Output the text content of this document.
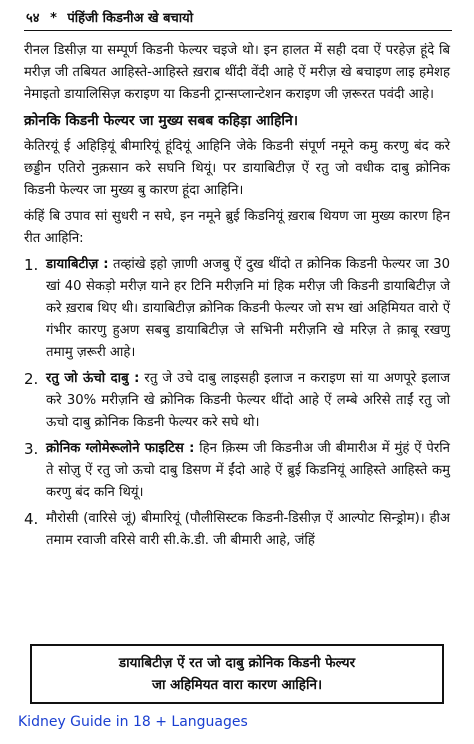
५४ * पंहिंजी किडनीअ खे बचायो

रीनल डिसीज़ या सम्पूर्ण किडनी फेल्यर चइजे थो। इन हालत में सही दवा ऐं परहेज़ हूंदे बि मरीज़ जी तबियत आहिस्ते-आहिस्ते ख़राब थींदी वेंदी आहे ऐं मरीज़ खे बचाइण लाइ हमेशह नेमाइतो डायालिसिज़ कराइण या किडनी ट्रान्सप्लान्टेशन कराइण जी ज़रूरत पवंदी आहे।

क्रोनकि किडनी फेल्यर जा मुख्य सबब कहिड़ा आहिनि।

केतिरयूं ई अहिड़ियूं बीमारियूं हूंदियूं आहिनि जेके किडनी संपूर्ण नमूने कमु करणु बंद करे छड्डीन एतिरो नुक़सान करे सघनि थियूं। पर डायाबिटीज़ ऐं रतु जो वधीक दाबु क्रोनिक किडनी फेल्यर जा मुख्य बु कारण हूंदा आहिनि।

कंहिं बि उपाव सां सुधरी न सघे, इन नमूने ब्रुई किडनियूं ख़राब थियण जा मुख्य कारण हिन रीत आहिनि:

1. डायाबिटीज़ : तव्हांखे इहो ज़ाणी अजबु ऐं दुख थींदो त क्रोनिक किडनी फेल्यर जा 30 खां 40 सेकड़ो मरीज़ याने हर टिनि मरीज़नि मां हिक मरीज़ जी किडनी डायाबिटीज़ जे करे ख़राब थिए थी। डायाबिटीज़ क्रोनिक किडनी फेल्यर जो सभ खां अहिमियत वारो ऐं गंभीर कारणु हुअण सबबु डायाबिटीज़ जे सभिनी मरीज़नि खे मरिज़ ते क़ाबू रखणु तमामु ज़रूरी आहे।
2. रतु जो ऊंचो दाबु : रतु जे उचे दाबु लाइसही इलाज न कराइण सां या अणपूरे इलाज करे 30% मरीज़नि खे क्रोनिक किडनी फेल्यर थींदो आहे ऐं लम्बे अरिसे ताईं रतु जो ऊचो दाबु क्रोनिक किडनी फेल्यर करे सघे थो।
3. क्रोनिक ग्लोमेरूलोने फाइटिस : हिन क़िस्म जी किडनीअ जी बीमारीअ में मुंहं ऐं पेरनि ते सोज़ु ऐं रतु जो ऊचो दाबु डिसण में ईंदो आहे ऐं ब्रुई किडनियूं आहिस्ते आहिस्ते कमु करणु बंद कनि थियूं।
4. मौरोसी (वारिसे जूं) बीमारियूं (पौलीसिस्टक किडनी-डिसीज़ ऐं आल्पोट सिन्ड्रोम)। हीअ तमाम रवाजी वरिसे वारी सी.के.डी. जी बीमारी आहे, जंहिं
डायाबिटीज़ ऐं रत जो दाबु क्रोनिक किडनी फेल्यर
जा अहिमियत वारा कारण आहिनि।
Kidney Guide in 18 + Languages
